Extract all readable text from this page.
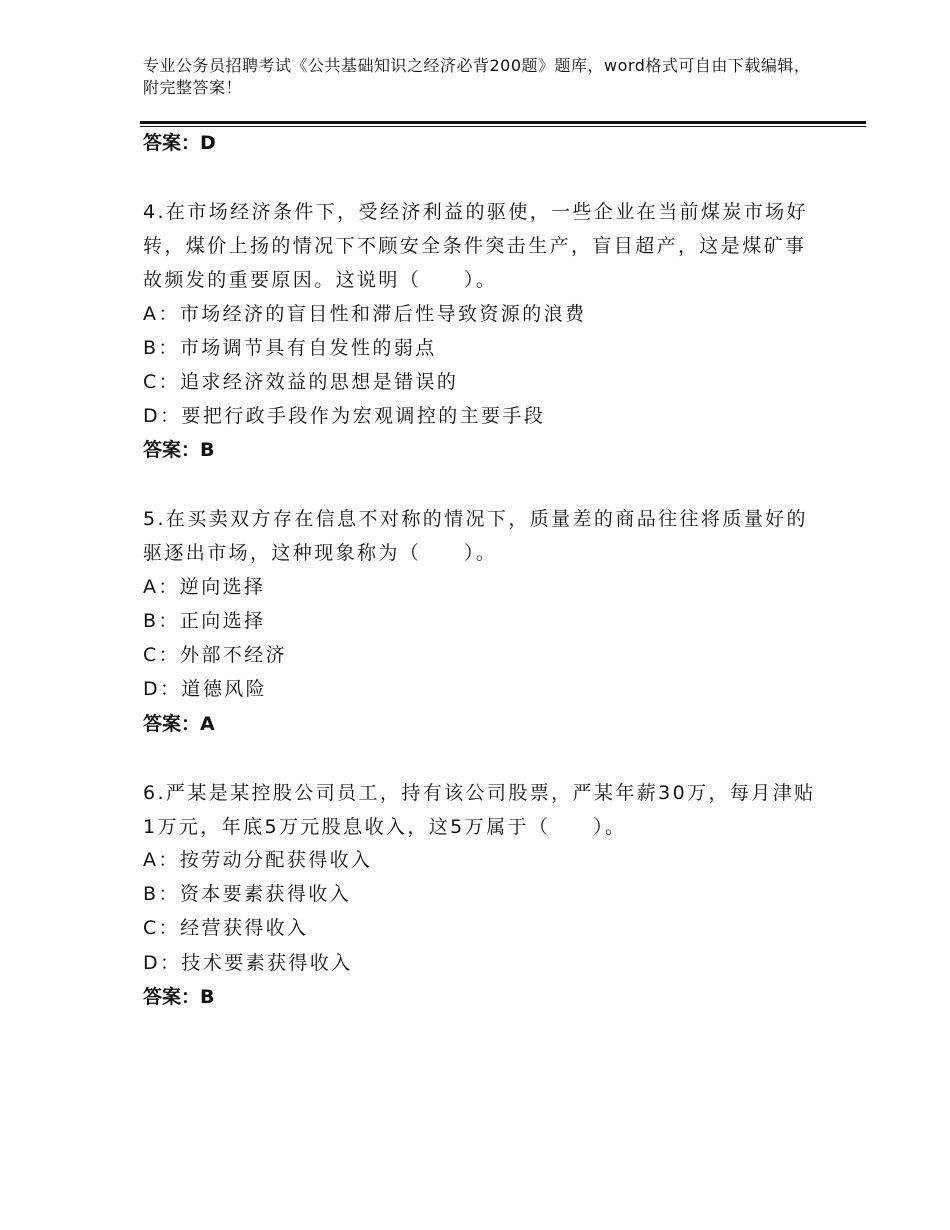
专业公务员招聘考试《公共基础知识之经济必背200题》题库，word格式可自由下载编辑，附完整答案！
答案：D
4.在市场经济条件下，受经济利益的驱使，一些企业在当前煤炭市场好转，煤价上扬的情况下不顾安全条件突击生产，盲目超产，这是煤矿事故频发的重要原因。这说明（　　）。
A：市场经济的盲目性和滞后性导致资源的浪费
B：市场调节具有自发性的弱点
C：追求经济效益的思想是错误的
D：要把行政手段作为宏观调控的主要手段
答案：B
5.在买卖双方存在信息不对称的情况下，质量差的商品往往将质量好的驱逐出市场，这种现象称为（　　）。
A：逆向选择
B：正向选择
C：外部不经济
D：道德风险
答案：A
6.严某是某控股公司员工，持有该公司股票，严某年薪30万，每月津贴1万元，年底5万元股息收入，这5万属于（　　）。
A：按劳动分配获得收入
B：资本要素获得收入
C：经营获得收入
D：技术要素获得收入
答案：B
